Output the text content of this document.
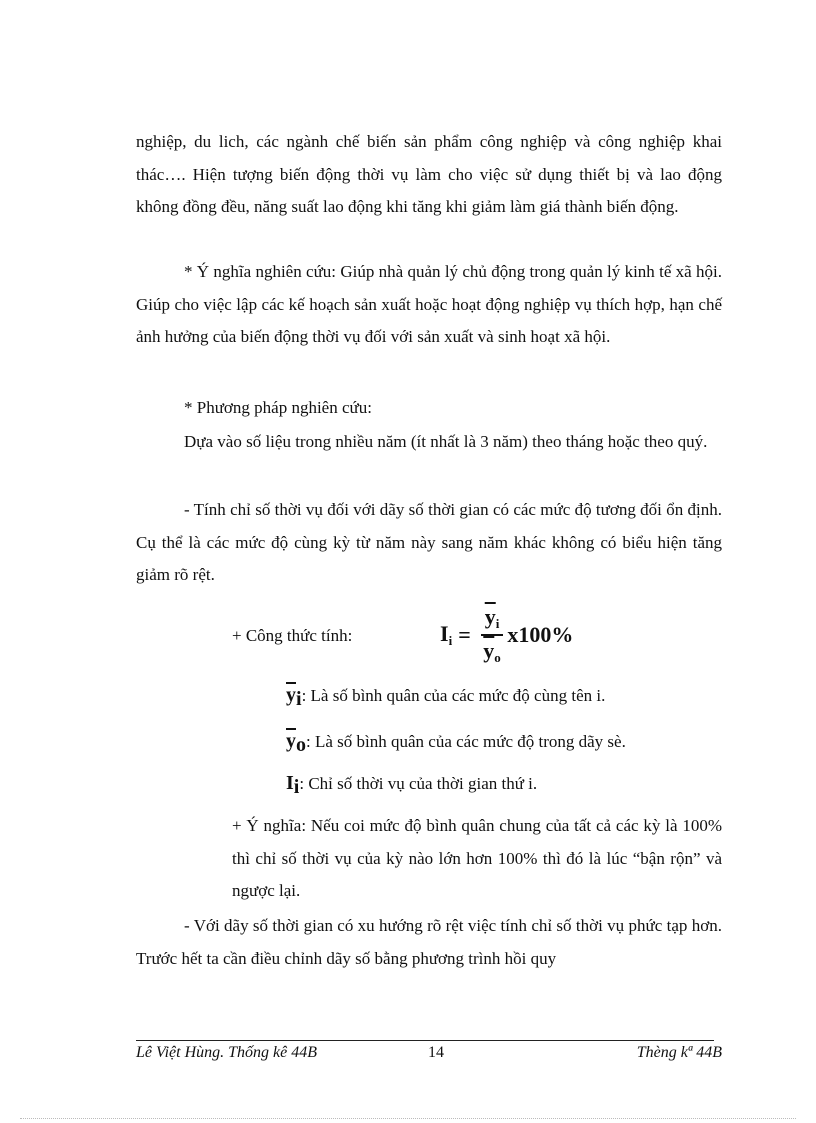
nghiệp, du lich, các ngành chế biến sản phẩm công nghiệp và công nghiệp khai thác…. Hiện tượng biến động thời vụ làm cho việc sử dụng thiết bị và lao động không đồng đều, năng suất lao động khi tăng khi giảm làm giá thành biến động.

* Ý nghĩa nghiên cứu: Giúp nhà quản lý chủ động trong quản lý kinh tế xã hội. Giúp cho việc lập các kế hoạch sản xuất hoặc hoạt động nghiệp vụ thích hợp, hạn chế ảnh hưởng của biến động thời vụ đối với sản xuất và sinh hoạt xã hội.

* Phương pháp nghiên cứu:

Dựa vào số liệu trong nhiều năm (ít nhất là 3 năm) theo tháng hoặc theo quý.

- Tính chỉ số thời vụ đối với dãy số thời gian có các mức độ tương đối ổn định. Cụ thể là các mức độ cùng kỳ từ năm này sang năm khác không có biểu hiện tăng giảm rõ rệt.

+ Công thức tính:	$I_i = \frac{\overline{y}_i}{\overline{y}_o} x100\%$
$\overline{y}i$: Là số bình quân của các mức độ cùng tên i.
$\overline{y}o$: Là số bình quân của các mức độ trong dãy sè.
Ii: Chỉ số thời vụ của thời gian thứ i.

+ Ý nghĩa: Nếu coi mức độ bình quân chung của tất cả các kỳ là 100% thì chỉ số thời vụ của kỳ nào lớn hơn 100% thì đó là lúc “bận rộn” và ngược lại.

- Với dãy số thời gian có xu hướng rõ rệt việc tính chỉ số thời vụ phức tạp hơn. Trước hết ta cần điều chỉnh dãy số bằng phương trình hồi quy

Lê Việt Hùng. Thống kê 44B	14	Thèng kª 44B
